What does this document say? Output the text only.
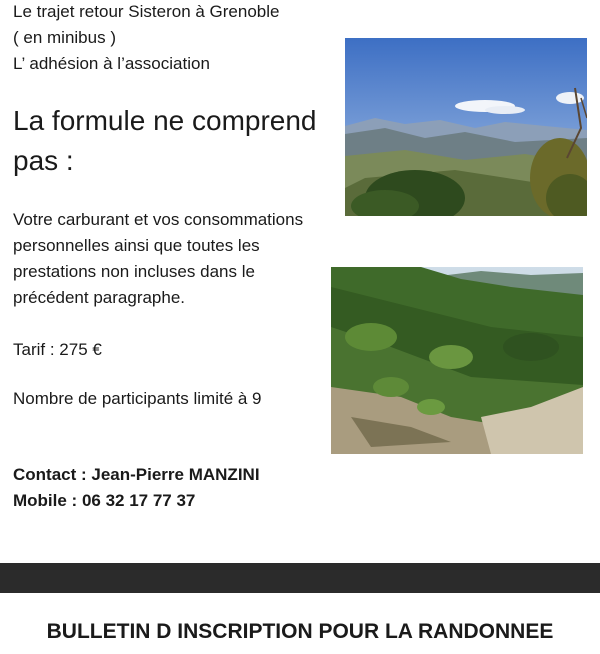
Le trajet retour Sisteron à Grenoble

( en minibus )

L’ adhésion à l’association

La formule ne comprend

pas :

Votre carburant et vos consommations

personnelles ainsi que toutes les

prestations non incluses dans le

précédent paragraphe.

Tarif : 275 €

Nombre de participants limité à 9

Contact : Jean-Pierre MANZINI

Mobile : 06 32 17 77 37

BULLETIN D INSCRIPTION POUR LA RANDONNEE
